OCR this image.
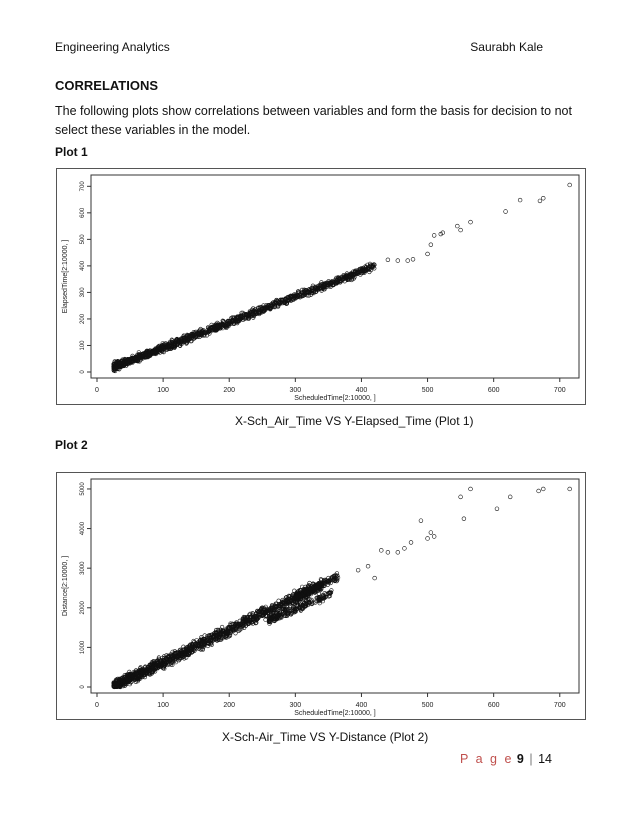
Engineering Analytics	Saurabh Kale
CORRELATIONS
The following plots show correlations between variables and form the basis for decision to not select these variables in the model.
Plot 1
0	100	200	300	400	500	600	700
0
100
200
300
400
500
600
700
ScheduledTime[2:10000, ]
ElapsedTime[2:10000, ]
X-Sch_Air_Time VS Y-Elapsed_Time (Plot 1)
Plot 2
0	100	200	300	400	500	600	700
0
1000
2000
3000
4000
5000
ScheduledTime[2:10000, ]
Distance[2:10000, ]
X-Sch-Air_Time VS Y-Distance (Plot 2)
P a g e 9 | 14
